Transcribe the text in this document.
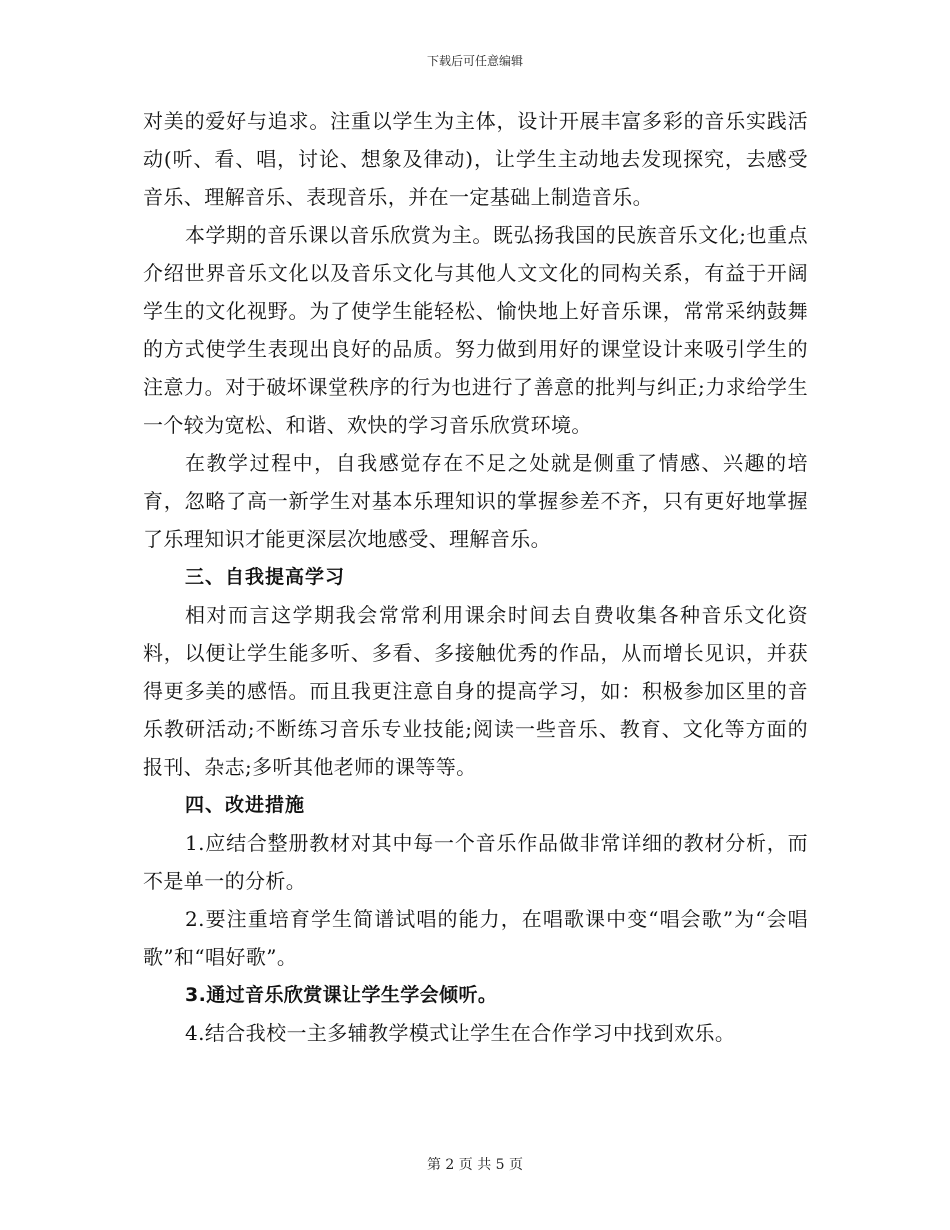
下载后可任意编辑

对美的爱好与追求。注重以学生为主体，设计开展丰富多彩的音乐实践活动(听、看、唱，讨论、想象及律动)，让学生主动地去发现探究，去感受音乐、理解音乐、表现音乐，并在一定基础上制造音乐。

本学期的音乐课以音乐欣赏为主。既弘扬我国的民族音乐文化;也重点介绍世界音乐文化以及音乐文化与其他人文文化的同构关系，有益于开阔学生的文化视野。为了使学生能轻松、愉快地上好音乐课，常常采纳鼓舞的方式使学生表现出良好的品质。努力做到用好的课堂设计来吸引学生的注意力。对于破坏课堂秩序的行为也进行了善意的批判与纠正;力求给学生一个较为宽松、和谐、欢快的学习音乐欣赏环境。

在教学过程中，自我感觉存在不足之处就是侧重了情感、兴趣的培育，忽略了高一新学生对基本乐理知识的掌握参差不齐，只有更好地掌握了乐理知识才能更深层次地感受、理解音乐。

三、自我提高学习

相对而言这学期我会常常利用课余时间去自费收集各种音乐文化资料，以便让学生能多听、多看、多接触优秀的作品，从而增长见识，并获得更多美的感悟。而且我更注意自身的提高学习，如：积极参加区里的音乐教研活动;不断练习音乐专业技能;阅读一些音乐、教育、文化等方面的报刊、杂志;多听其他老师的课等等。

四、改进措施

1.应结合整册教材对其中每一个音乐作品做非常详细的教材分析，而不是单一的分析。

2.要注重培育学生简谱试唱的能力，在唱歌课中变“唱会歌”为“会唱歌”和“唱好歌”。

3.通过音乐欣赏课让学生学会倾听。

4.结合我校一主多辅教学模式让学生在合作学习中找到欢乐。

第 2 页 共 5 页
